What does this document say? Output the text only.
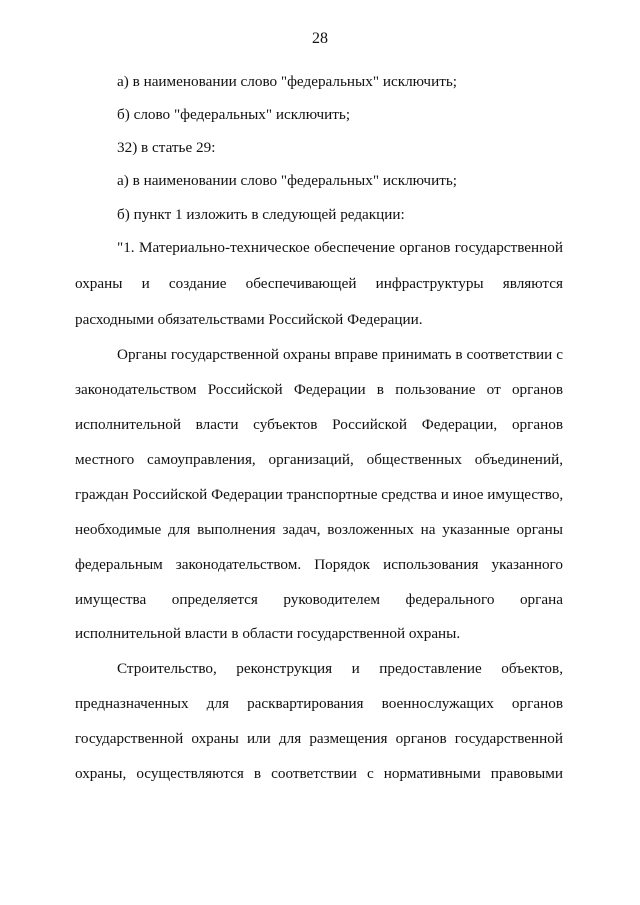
28
а) в наименовании слово "федеральных" исключить;
б) слово "федеральных" исключить;
32) в статье 29:
а) в наименовании слово "федеральных" исключить;
б) пункт 1 изложить в следующей редакции:
"1. Материально-техническое обеспечение органов государственной
охраны и создание обеспечивающей инфраструктуры являются
расходными обязательствами Российской Федерации.
Органы государственной охраны вправе принимать в соответствии с
законодательством Российской Федерации в пользование от органов
исполнительной власти субъектов Российской Федерации, органов
местного самоуправления, организаций, общественных объединений,
граждан Российской Федерации транспортные средства и иное имущество,
необходимые для выполнения задач, возложенных на указанные органы
федеральным законодательством. Порядок использования указанного
имущества определяется руководителем федерального органа
исполнительной власти в области государственной охраны.
Строительство, реконструкция и предоставление объектов,
предназначенных для расквартирования военнослужащих органов
государственной охраны или для размещения органов государственной
охраны, осуществляются в соответствии с нормативными правовыми
